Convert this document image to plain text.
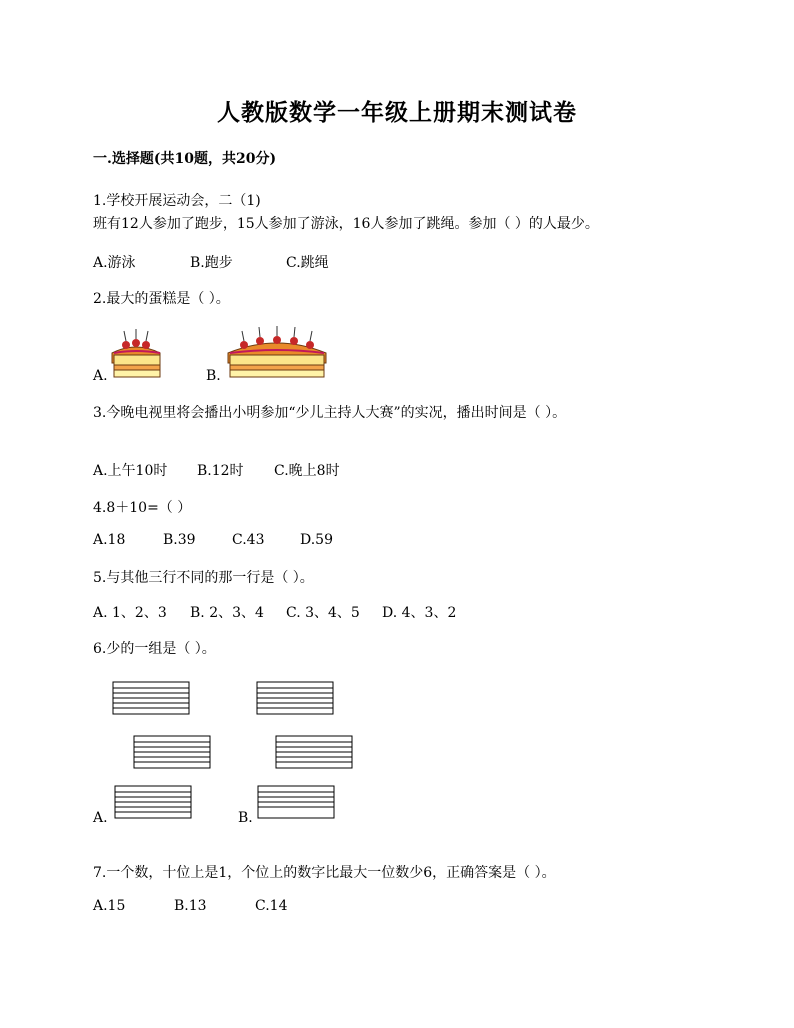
人教版数学一年级上册期末测试卷
一.选择题(共10题，共20分)
1.学校开展运动会，二（1)
班有12人参加了跑步，15人参加了游泳，16人参加了跳绳。参加（ ）的人最少。
A.游泳	B.跑步	C.跳绳
2.最大的蛋糕是（ ）。
A.	B.
3.今晚电视里将会播出小明参加“少儿主持人大赛”的实况，播出时间是（ ）。
A.上午10时 B.12时 C.晚上8时
4.8＋10=（ ）
A.18	B.39	C.43	D.59
5.与其他三行不同的那一行是（ ）。
A. 1、2、3 B. 2、3、4 C. 3、4、5 D. 4、3、2
6.少的一组是（ ）。
A.	B.
7.一个数，十位上是1，个位上的数字比最大一位数少6，正确答案是（ ）。
A.15	B.13	C.14
